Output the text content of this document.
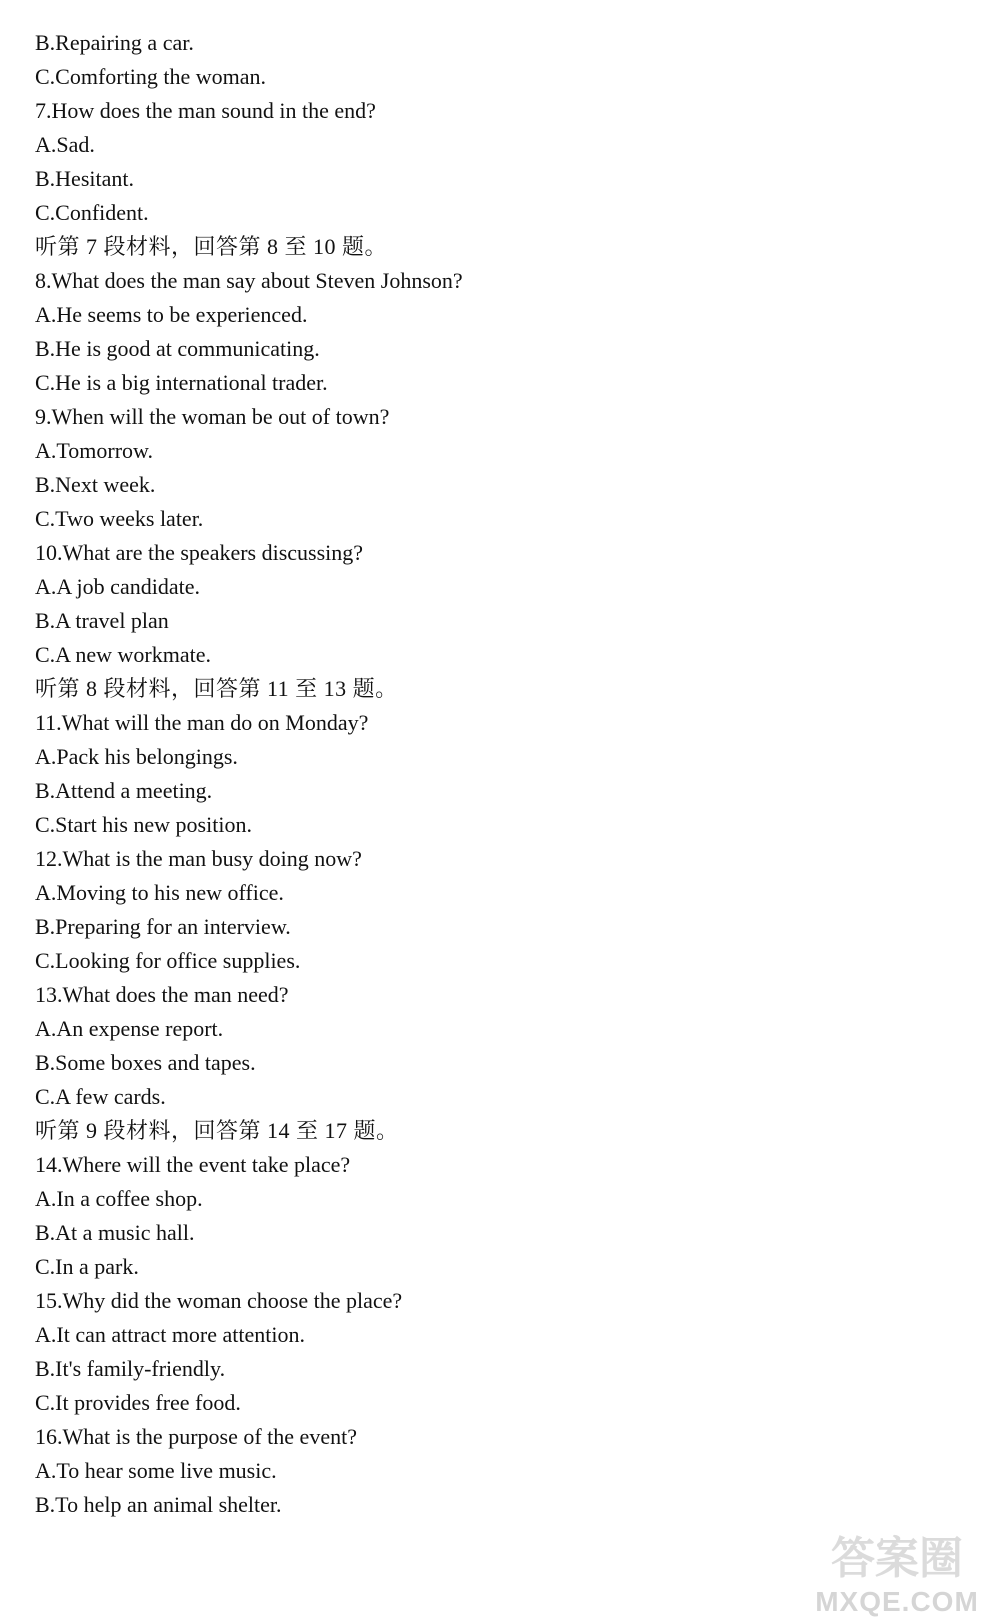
B.Repairing a car.
C.Comforting the woman.
7.How does the man sound in the end?
A.Sad.
B.Hesitant.
C.Confident.
听第 7 段材料，回答第 8 至 10 题。
8.What does the man say about Steven Johnson?
A.He seems to be experienced.
B.He is good at communicating.
C.He is a big international trader.
9.When will the woman be out of town?
A.Tomorrow.
B.Next week.
C.Two weeks later.
10.What are the speakers discussing?
A.A job candidate.
B.A travel plan
C.A new workmate.
听第 8 段材料，回答第 11 至 13 题。
11.What will the man do on Monday?
A.Pack his belongings.
B.Attend a meeting.
C.Start his new position.
12.What is the man busy doing now?
A.Moving to his new office.
B.Preparing for an interview.
C.Looking for office supplies.
13.What does the man need?
A.An expense report.
B.Some boxes and tapes.
C.A few cards.
听第 9 段材料，回答第 14 至 17 题。
14.Where will the event take place?
A.In a coffee shop.
B.At a music hall.
C.In a park.
15.Why did the woman choose the place?
A.It can attract more attention.
B.It's family-friendly.
C.It provides free food.
16.What is the purpose of the event?
A.To hear some live music.
B.To help an animal shelter.
答案圈
MXQE.COM
